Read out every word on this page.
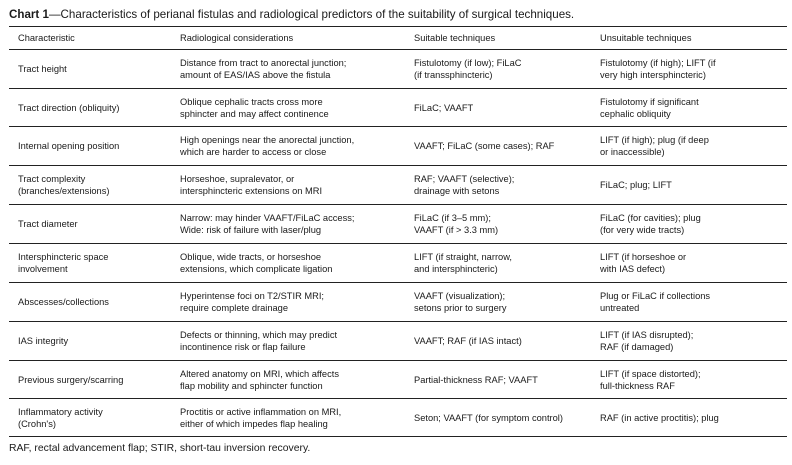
Chart 1—Characteristics of perianal fistulas and radiological predictors of the suitability of surgical techniques.
Characteristic	Radiological considerations	Suitable techniques	Unsuitable techniques

Tract height	Distance from tract to anorectal junction;
amount of EAS/IAS above the fistula	Fistulotomy (if low); FiLaC
(if transsphincteric)	Fistulotomy (if high); LIFT (if
very high intersphincteric)

Tract direction (obliquity)	Oblique cephalic tracts cross more
sphincter and may affect continence	FiLaC; VAAFT	Fistulotomy if significant
cephalic obliquity

Internal opening position	High openings near the anorectal junction,
which are harder to access or close	VAAFT; FiLaC (some cases); RAF	LIFT (if high); plug (if deep
or inaccessible)

Tract complexity
(branches/extensions)	Horseshoe, supralevator, or
intersphincteric extensions on MRI	RAF; VAAFT (selective);
drainage with setons	FiLaC; plug; LIFT

Tract diameter	Narrow: may hinder VAAFT/FiLaC access;
Wide: risk of failure with laser/plug	FiLaC (if 3–5 mm);
VAAFT (if > 3.3 mm)	FiLaC (for cavities); plug
(for very wide tracts)

Intersphincteric space
involvement	Oblique, wide tracts, or horseshoe
extensions, which complicate ligation	LIFT (if straight, narrow,
and intersphincteric)	LIFT (if horseshoe or
with IAS defect)

Abscesses/collections	Hyperintense foci on T2/STIR MRI;
require complete drainage	VAAFT (visualization);
setons prior to surgery	Plug or FiLaC if collections
untreated

IAS integrity	Defects or thinning, which may predict
incontinence risk or flap failure	VAAFT; RAF (if IAS intact)	LIFT (if IAS disrupted);
RAF (if damaged)

Previous surgery/scarring	Altered anatomy on MRI, which affects
flap mobility and sphincter function	Partial-thickness RAF; VAAFT	LIFT (if space distorted);
full-thickness RAF

Inflammatory activity
(Crohn's)	Proctitis or active inflammation on MRI,
either of which impedes flap healing	Seton; VAAFT (for symptom control)	RAF (in active proctitis); plug
RAF, rectal advancement flap; STIR, short-tau inversion recovery.
